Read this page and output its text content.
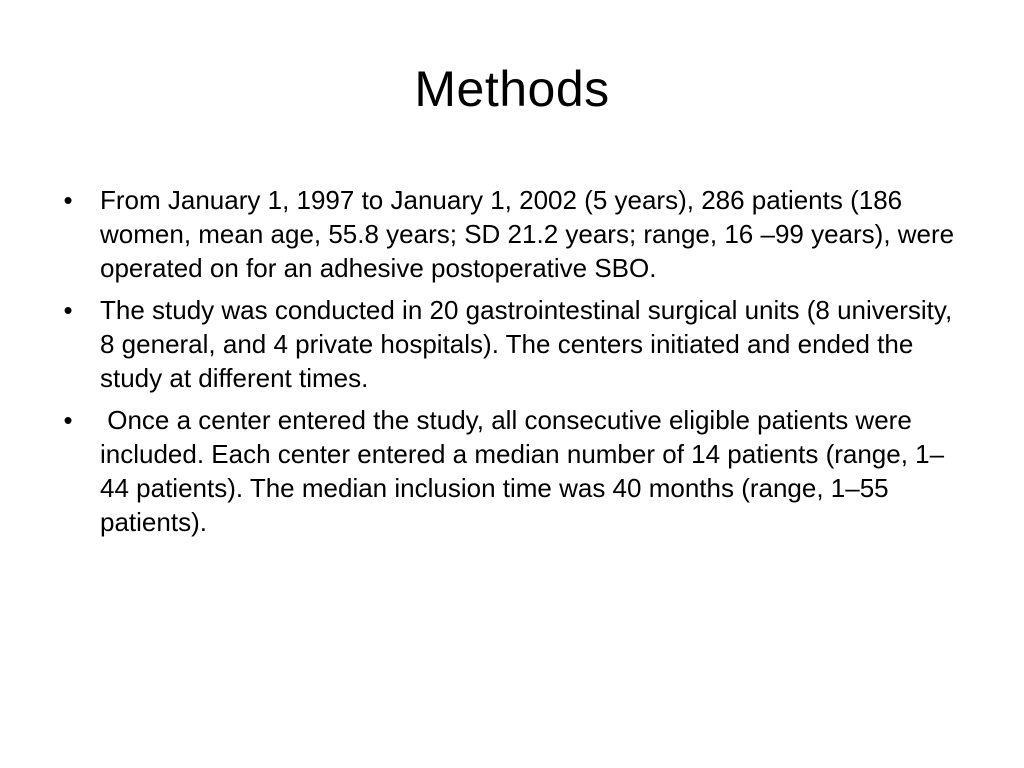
Methods
• From January 1, 1997 to January 1, 2002 (5 years), 286 patients (186 women, mean age, 55.8 years; SD 21.2 years; range, 16 –99 years), were operated on for an adhesive postoperative SBO.
• The study was conducted in 20 gastrointestinal surgical units (8 university, 8 general, and 4 private hospitals). The centers initiated and ended the study at different times.
• Once a center entered the study, all consecutive eligible patients were included. Each center entered a median number of 14 patients (range, 1– 44 patients). The median inclusion time was 40 months (range, 1–55 patients).
